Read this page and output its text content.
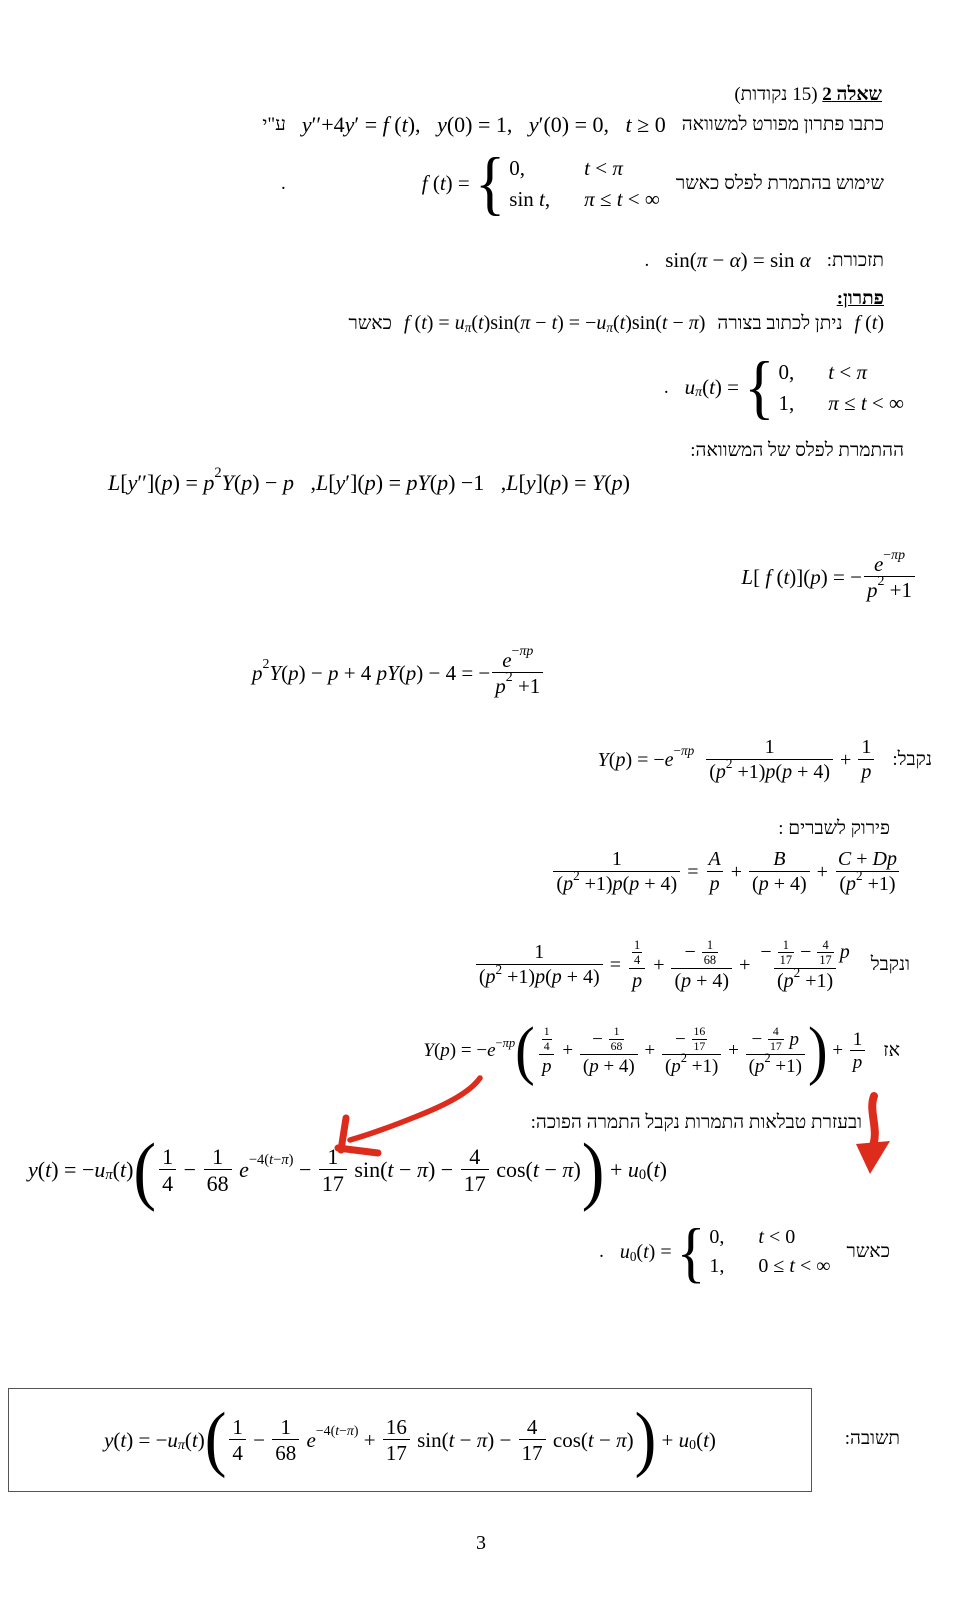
שאלה 2 (15 נקודות)
כתבו פתרון מפורט למשוואה
y ′′+4 y ′ = f ( t ), y (0) = 1, y ′(0) = 0, t ≥ 0
ע"י
שימוש בהתמרת לפלס כאשר
f ( t ) = { 0,	t < π
sin
t , π ≤ t < ∞
.
תזכורת:
sin ( π − α ) = sin
α
.
פתרון:
f ( t )
ניתן לכתוב בצורה
f ( t ) = u π ( t ) sin ( π − t ) = − u π ( t ) sin ( t − π )
כאשר
u π ( t ) = { 0, t < π
1, π ≤ t < ∞
.
ההתמרת לפלס של המשוואה:
L [ y ′′]( p ) = p 2 Y ( p ) − p , L [ y ′]( p ) = pY ( p ) −1   , L [ y ]( p ) = Y ( p )
L [ f ( t )]( p ) = − $\frac{e -\pi p}{p 2 +1}$
p 2 Y ( p ) − p + 4 pY ( p ) − 4 = − $\frac{e -\pi p}{p 2 +1}$
נקבל:
Y ( p ) = − e −πp
$\frac{1}{( p 2 +1) p ( p + 4)} + \frac{1}{p}$
פירוק לשברים :
$\frac{1}{( p 2 +1) p ( p + 4)} = \frac{A}{p} + \frac{B}{( p + 4)} + \frac{C + Dp}{( p 2 +1)}$
ונקבל
$\frac{1}{( p 2 +1) p ( p + 4)} = \frac{\frac{1}{4}}{p} + \frac{- \frac{1}{68}}{( p + 4)}$ + − $\frac{1}{17} - \frac{4}{17}$
p
( p 2 +1)
אז
Y ( p ) = − e −πp ( $\frac{\frac{1}{4}}{p} + \frac{- \frac{1}{68}}{( p + 4)} + \frac{- \frac{16}{17}}{( p 2 +1)}$ + − $\frac{4}{17}$
p
( p 2 +1) ) + $\frac{1}{p}$
ובעזרת טבלאות התמרות נקבל התמרה הפוכה:
y ( t ) = − u π ( t ) ( $\frac{1}{4} - \frac{1}{68}$
$e -4(t-\pi) - \frac{1}{17}$
sin ( t − π ) − $\frac{4}{17}$
cos ( t − π ) ) + u 0 ( t )
כאשר
u 0 ( t ) = { 0, t < 0
1, 0 ≤ t < ∞
.
y ( t ) = − u π ( t ) ( $\frac{1}{4} - \frac{1}{68}$
$e -4(t-\pi) + \frac{16}{17}$
sin ( t − π ) − $\frac{4}{17}$
cos ( t − π ) ) + u 0 ( t )	תשובה:
3
